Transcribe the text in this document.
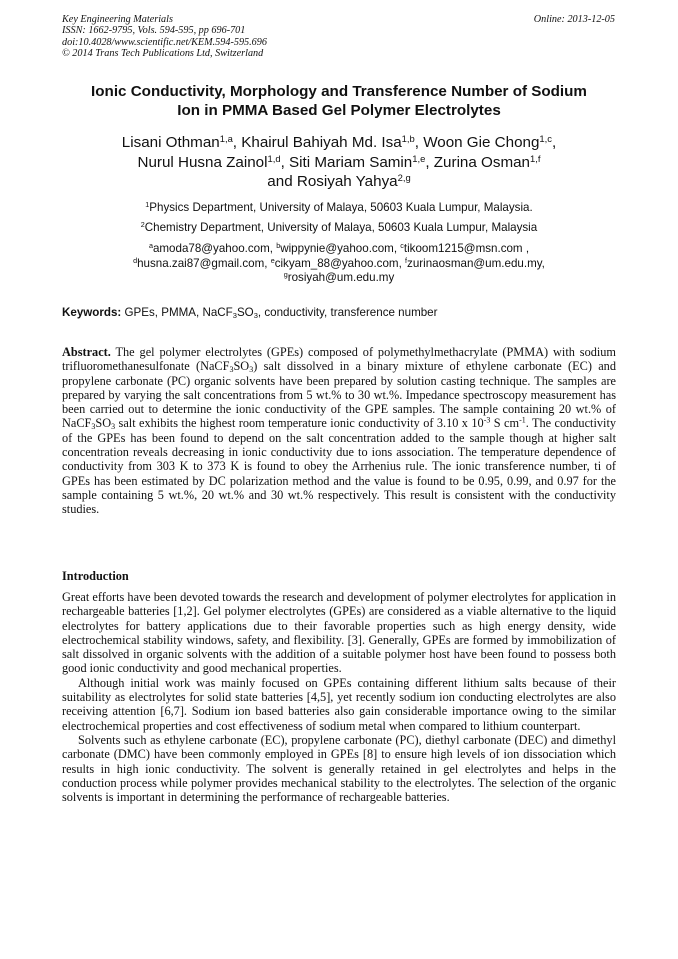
Key Engineering Materials
ISSN: 1662-9795, Vols. 594-595, pp 696-701
doi:10.4028/www.scientific.net/KEM.594-595.696
© 2014 Trans Tech Publications Ltd, Switzerland
Online: 2013-12-05
Ionic Conductivity, Morphology and Transference Number of Sodium
Ion in PMMA Based Gel Polymer Electrolytes
Lisani Othman$^{1,a}$, Khairul Bahiyah Md. Isa$^{1,b}$, Woon Gie Chong$^{1,c}$,
Nurul Husna Zainol$^{1,d}$, Siti Mariam Samin$^{1,e}$, Zurina Osman$^{1,f}$
and Rosiyah Yahya$^{2,g}$
$^1$Physics Department, University of Malaya, 50603 Kuala Lumpur, Malaysia.
$^2$Chemistry Department, University of Malaya, 50603 Kuala Lumpur, Malaysia
$^a$amoda78@yahoo.com, $^b$wippynie@yahoo.com, $^c$tikoom1215@msn.com ,
$^d$husna.zai87@gmail.com, $^e$cikyam_88@yahoo.com, $^f$zurinaosman@um.edu.my,
$^g$rosiyah@um.edu.my
Keywords: GPEs, PMMA, $NaCF_3SO_3$, conductivity, transference number
Abstract. The gel polymer electrolytes (GPEs) composed of polymethylmethacrylate (PMMA) with sodium trifluoromethanesulfonate $(NaCF_3SO_3)$ salt dissolved in a binary mixture of ethylene carbonate (EC) and propylene carbonate (PC) organic solvents have been prepared by solution casting technique. The samples are prepared by varying the salt concentrations from 5 wt.% to 30 wt.%. Impedance spectroscopy measurement has been carried out to determine the ionic conductivity of the GPE samples. The sample containing 20 wt.% of $NaCF_3SO_3$ salt exhibits the highest room temperature ionic conductivity of 3.10 x $10^{-3}$ S $cm^{-1}$. The conductivity of the GPEs has been found to depend on the salt concentration added to the sample though at higher salt concentration reveals decreasing in ionic conductivity due to ions association. The temperature dependence of conductivity from 303 K to 373 K is found to obey the Arrhenius rule. The ionic transference number, ti of GPEs has been estimated by DC polarization method and the value is found to be 0.95, 0.99, and 0.97 for the sample containing 5 wt.%, 20 wt.% and 30 wt.% respectively. This result is consistent with the conductivity studies.
Introduction

Great efforts have been devoted towards the research and development of polymer electrolytes for application in rechargeable batteries [1,2]. Gel polymer electrolytes (GPEs) are considered as a viable alternative to the liquid electrolytes for battery applications due to their favorable properties such as high energy density, wide electrochemical stability windows, safety, and flexibility. [3]. Generally, GPEs are formed by immobilization of salt dissolved in organic solvents with the addition of a suitable polymer host have been found to possess both good ionic conductivity and good mechanical properties.

Although initial work was mainly focused on GPEs containing different lithium salts because of their suitability as electrolytes for solid state batteries [4,5], yet recently sodium ion conducting electrolytes are also receiving attention [6,7]. Sodium ion based batteries also gain considerable importance owing to the similar electrochemical properties and cost effectiveness of sodium metal when compared to lithium counterpart.

Solvents such as ethylene carbonate (EC), propylene carbonate (PC), diethyl carbonate (DEC) and dimethyl carbonate (DMC) have been commonly employed in GPEs [8] to ensure high levels of ion dissociation which results in high ionic conductivity. The solvent is generally retained in gel electrolytes and helps in the conduction process while polymer provides mechanical stability to the electrolytes. The selection of the organic solvents is important in determining the performance of rechargeable batteries.
